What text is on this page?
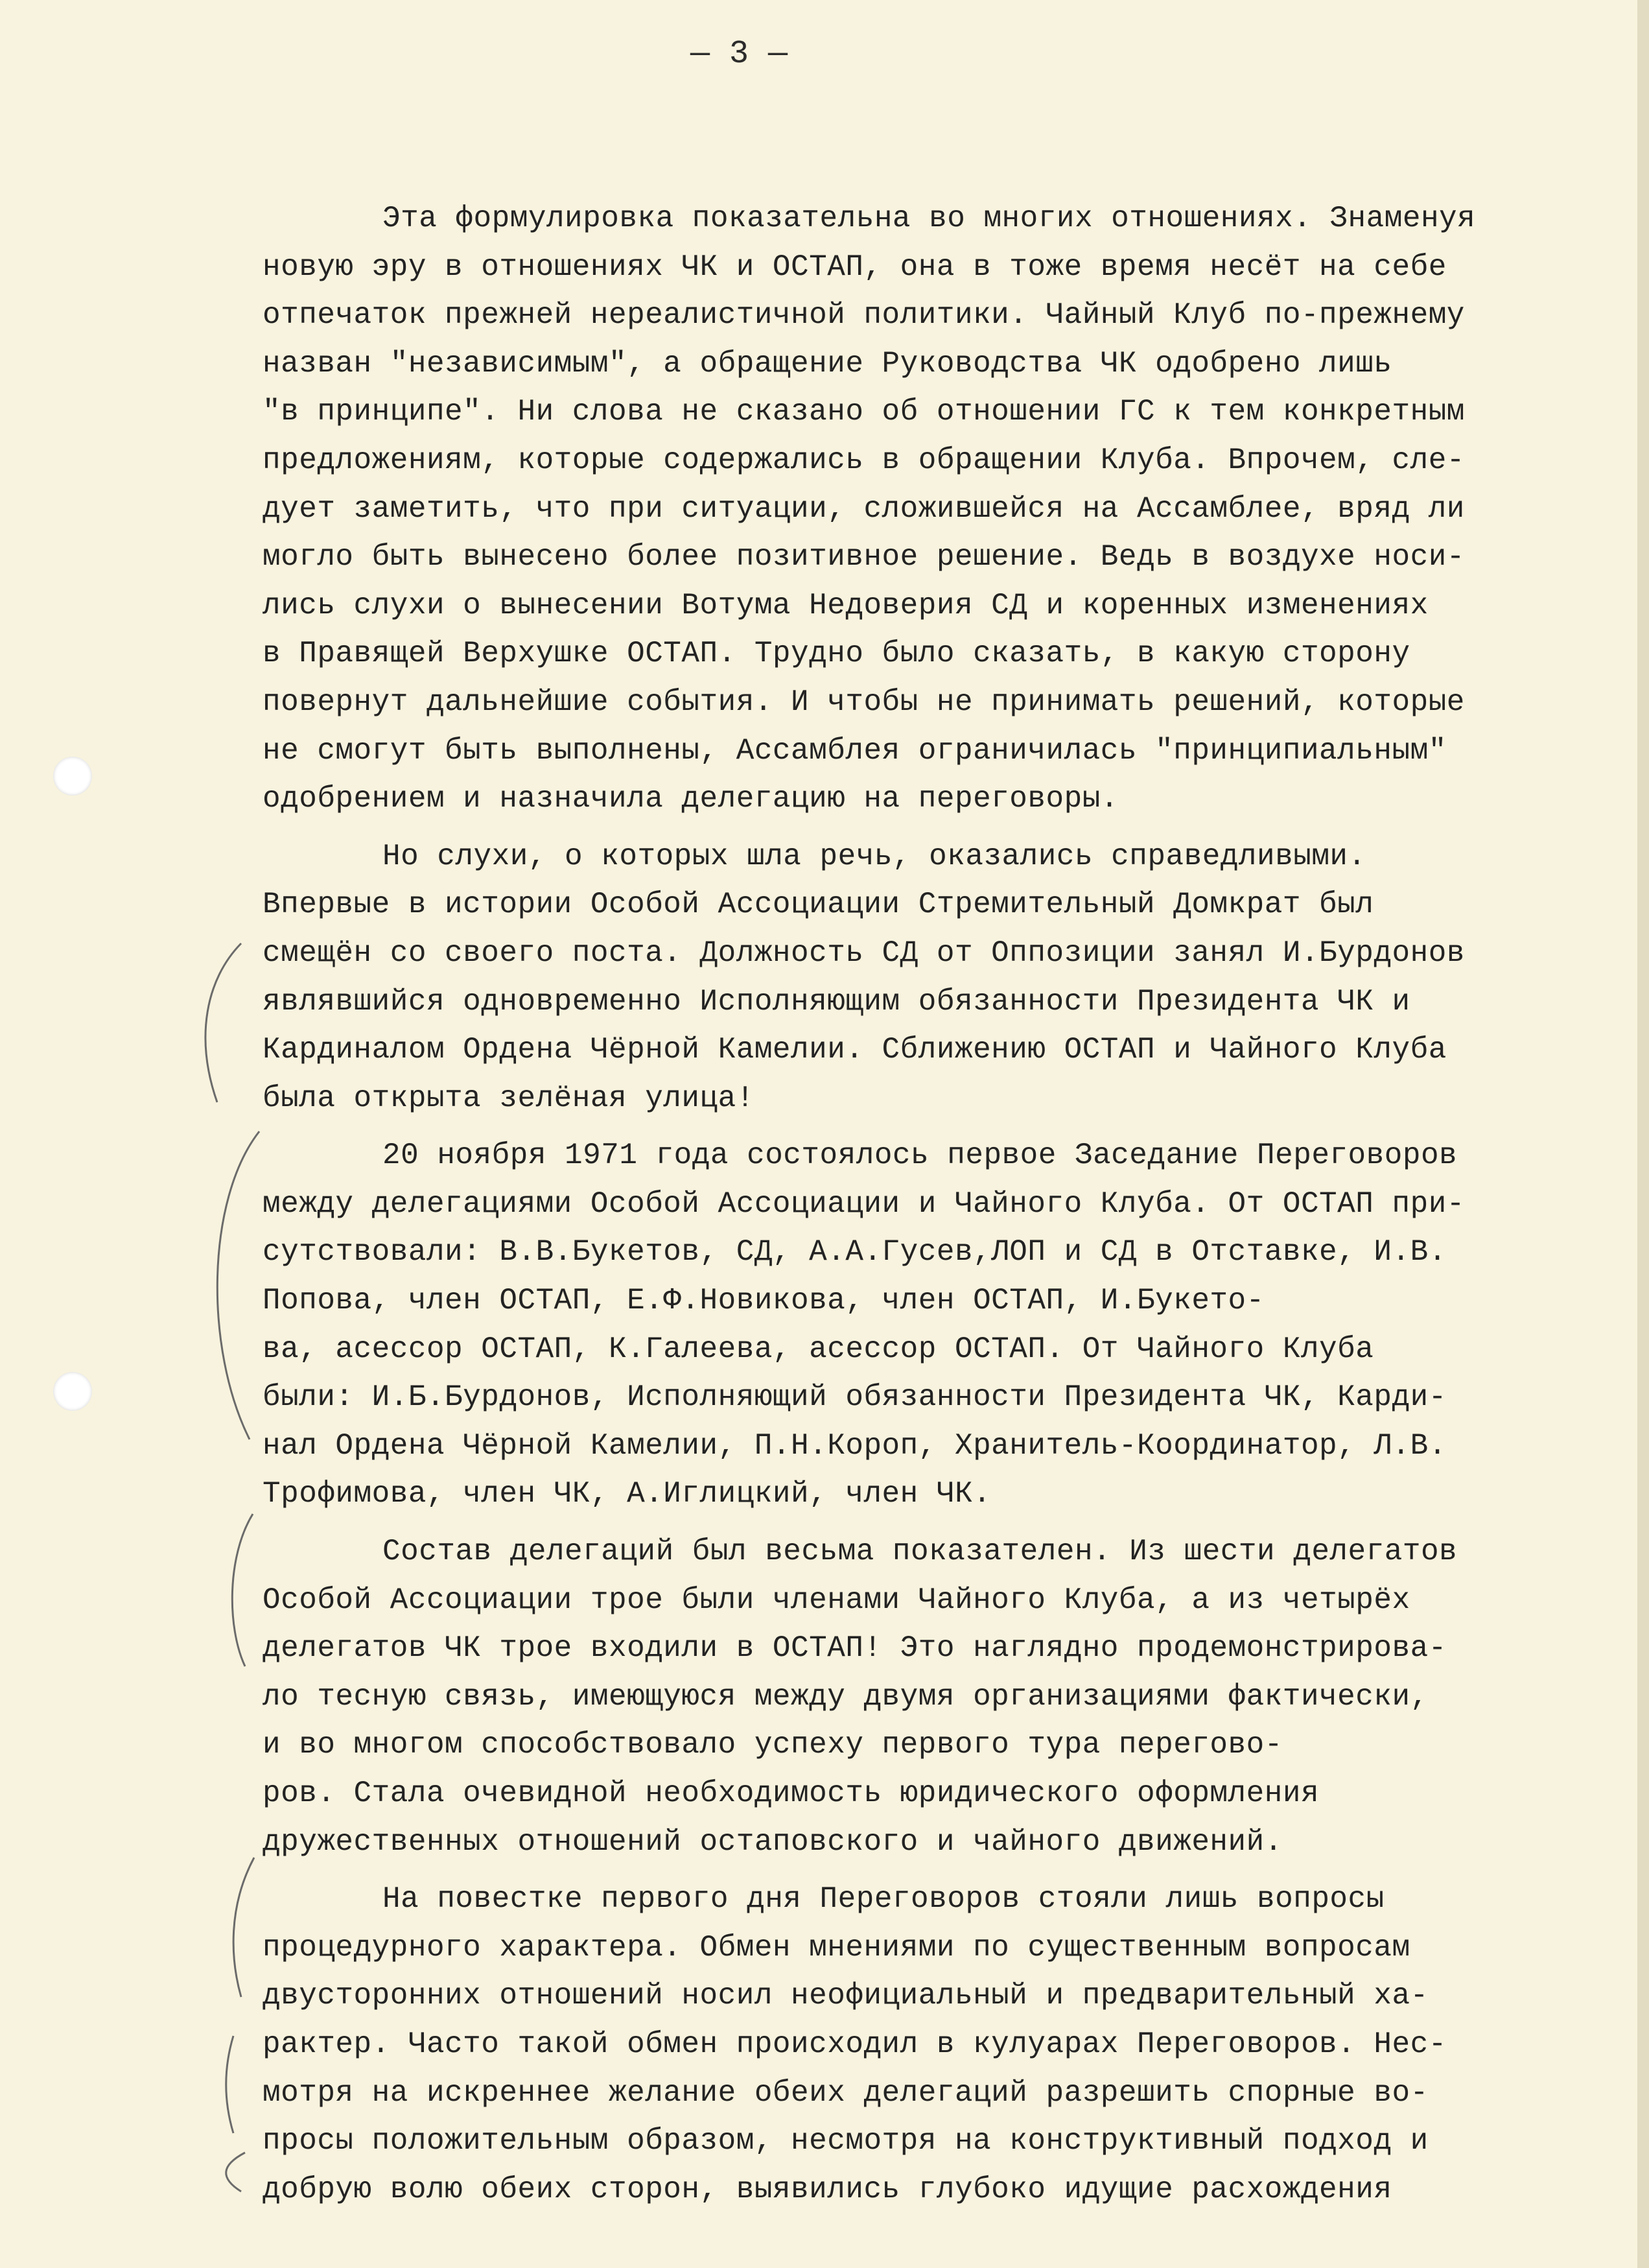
— 3 —
Эта формулировка показательна во многих отношениях. Знаменуя
новую эру в отношениях ЧК и ОСТАП, она в тоже время несёт на себе
отпечаток прежней нереалистичной политики. Чайный Клуб по-прежнему
назван "независимым", а обращение Руководства ЧК одобрено лишь
"в принципе". Ни слова не сказано об отношении ГС к тем конкретным
предложениям, которые содержались в обращении Клуба. Впрочем, сле-
дует заметить, что при ситуации, сложившейся на Ассамблее, вряд ли
могло быть вынесено более позитивное решение. Ведь в воздухе носи-
лись слухи о вынесении Вотума Недоверия СД и коренных изменениях
в Правящей Верхушке ОСТАП. Трудно было сказать, в какую сторону
повернут дальнейшие события. И чтобы не принимать решений, которые
не смогут быть выполнены, Ассамблея ограничилась "принципиальным"
одобрением и назначила делегацию на переговоры.
Но слухи, о которых шла речь, оказались справедливыми.
Впервые в истории Особой Ассоциации Стремительный Домкрат был
смещён со своего поста. Должность СД от Оппозиции занял И.Бурдонов
являвшийся одновременно Исполняющим обязанности Президента ЧК и
Кардиналом Ордена Чёрной Камелии. Сближению ОСТАП и Чайного Клуба
была открыта зелёная улица!
20 ноября 1971 года состоялось первое Заседание Переговоров
между делегациями Особой Ассоциации и Чайного Клуба. От ОСТАП при-
сутствовали: В.В.Букетов, СД, А.А.Гусев,ЛОП и СД в Отставке, И.В.
Попова, член ОСТАП, Е.Ф.Новикова, член ОСТАП, И.Букето-
ва, асессор ОСТАП, К.Галеева, асессор ОСТАП. От Чайного Клуба
были: И.Б.Бурдонов, Исполняющий обязанности Президента ЧК, Карди-
нал Ордена Чёрной Камелии, П.Н.Короп, Хранитель-Координатор, Л.В.
Трофимова, член ЧК, А.Иглицкий, член ЧК.
Состав делегаций был весьма показателен. Из шести делегатов
Особой Ассоциации трое были членами Чайного Клуба, а из четырёх
делегатов ЧК трое входили в ОСТАП! Это наглядно продемонстрирова-
ло тесную связь, имеющуюся между двумя организациями фактически,
и во многом способствовало успеху первого тура перегово-
ров. Стала очевидной необходимость юридического оформления
дружественных отношений остаповского и чайного движений.
На повестке первого дня Переговоров стояли лишь вопросы
процедурного характера. Обмен мнениями по существенным вопросам
двусторонних отношений носил неофициальный и предварительный ха-
рактер. Часто такой обмен происходил в кулуарах Переговоров. Нес-
мотря на искреннее желание обеих делегаций разрешить спорные во-
просы положительным образом, несмотря на конструктивный подход и
добрую волю обеих сторон, выявились глубоко идущие расхождения
